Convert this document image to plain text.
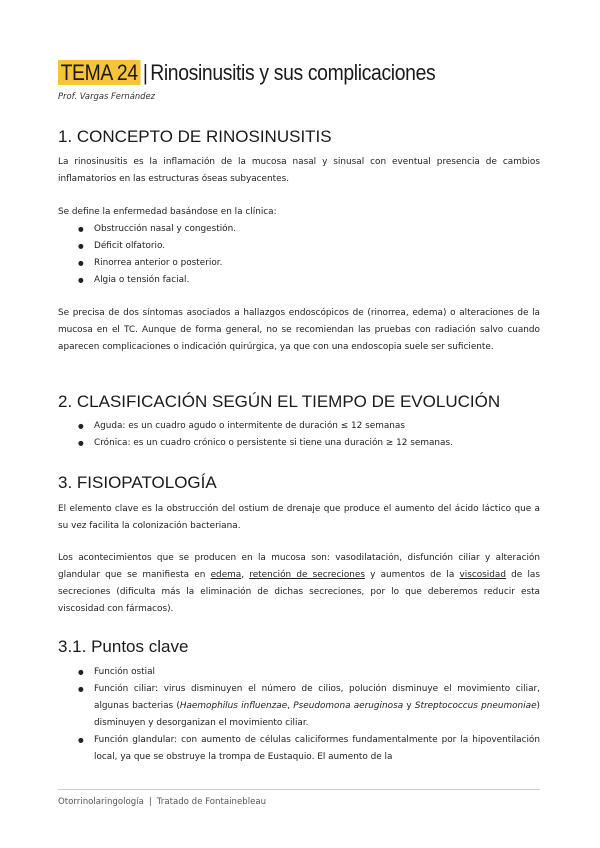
TEMA 24 | Rinosinusitis y sus complicaciones
Prof. Vargas Fernández
1. CONCEPTO DE RINOSINUSITIS

La rinosinusitis es la inflamación de la mucosa nasal y sinusal con eventual presencia de cambios inflamatorios en las estructuras óseas subyacentes.

Se define la enfermedad basándose en la clínica:

● Obstrucción nasal y congestión.
● Déficit olfatorio.
● Rinorrea anterior o posterior.
● Algia o tensión facial.

Se precisa de dos síntomas asociados a hallazgos endoscópicos de (rinorrea, edema) o alteraciones de la mucosa en el TC. Aunque de forma general, no se recomiendan las pruebas con radiación salvo cuando aparecen complicaciones o indicación quirúrgica, ya que con una endoscopia suele ser suficiente.

2. CLASIFICACIÓN SEGÚN EL TIEMPO DE EVOLUCIÓN
● Aguda: es un cuadro agudo o intermitente de duración ≤ 12 semanas
● Crónica: es un cuadro crónico o persistente si tiene una duración ≥ 12 semanas.
3. FISIOPATOLOGÍA

El elemento clave es la obstrucción del ostium de drenaje que produce el aumento del ácido láctico que a su vez facilita la colonización bacteriana.

Los acontecimientos que se producen en la mucosa son: vasodilatación, disfunción ciliar y alteración glandular que se manifiesta en edema, retención de secreciones y aumentos de la viscosidad de las secreciones (dificulta más la eliminación de dichas secreciones, por lo que deberemos reducir esta viscosidad con fármacos).

3.1. Puntos clave
● Función ostial
● Función ciliar: virus disminuyen el número de cilios, polución disminuye el movimiento ciliar, algunas bacterias (Haemophilus influenzae, Pseudomona aeruginosa y Streptococcus pneumoniae) disminuyen y desorganizan el movimiento ciliar.
● Función glandular: con aumento de células caliciformes fundamentalmente por la hipoventilación local, ya que se obstruye la trompa de Eustaquio. El aumento de la
Otorrinolaringología | Tratado de Fontainebleau
